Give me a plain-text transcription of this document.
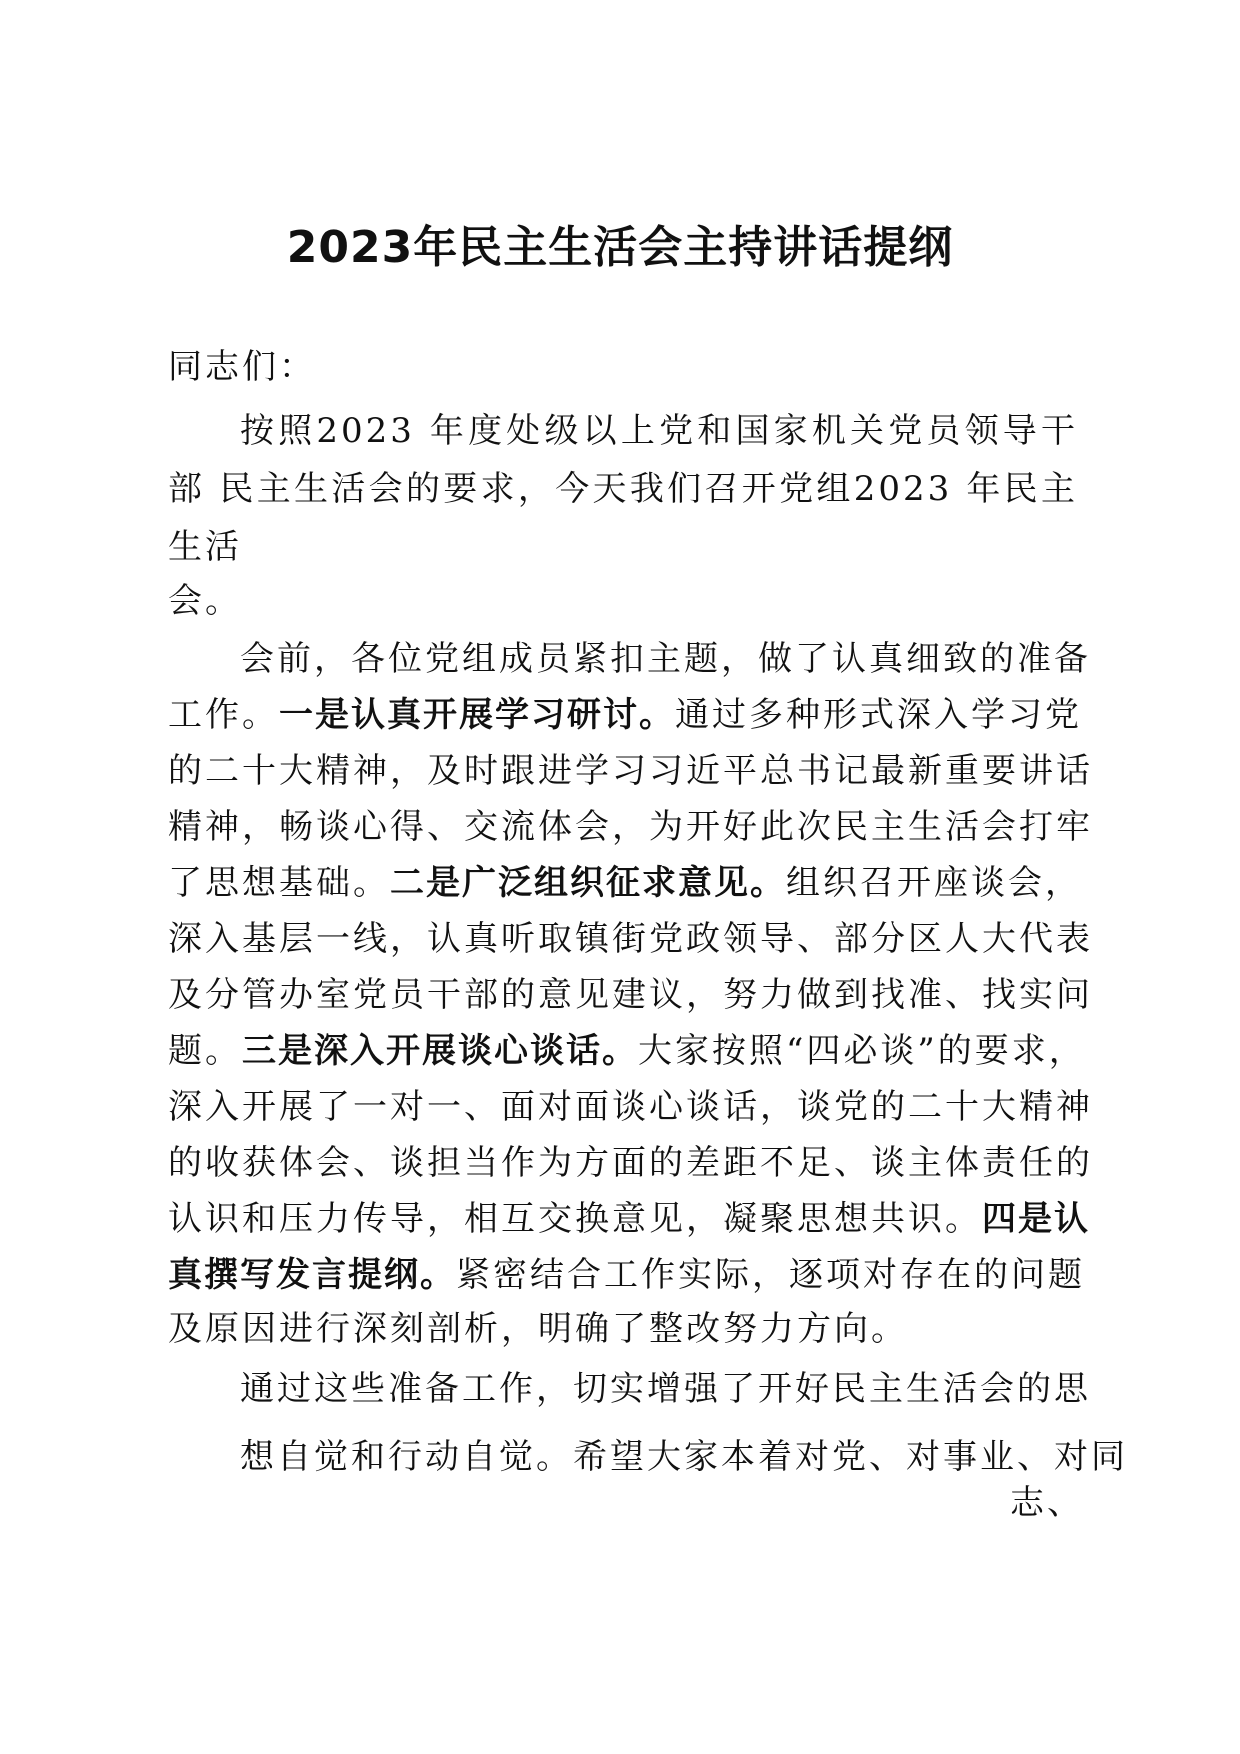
2023年民主生活会主持讲话提纲
同志们：
按照2023 年度处级以上党和国家机关党员领导干
部 民主生活会的要求，今天我们召开党组2023 年民主
生活
会。
会前，各位党组成员紧扣主题，做了认真细致的准备
工作。一是认真开展学习研讨。通过多种形式深入学习党
的二十大精神，及时跟进学习习近平总书记最新重要讲话
精神，畅谈心得、交流体会，为开好此次民主生活会打牢
了思想基础。二是广泛组织征求意见。组织召开座谈会，
深入基层一线，认真听取镇街党政领导、部分区人大代表
及分管办室党员干部的意见建议，努力做到找准、找实问
题。三是深入开展谈心谈话。大家按照“四必谈”的要求，
深入开展了一对一、面对面谈心谈话，谈党的二十大精神
的收获体会、谈担当作为方面的差距不足、谈主体责任的
认识和压力传导，相互交换意见，凝聚思想共识。四是认
真撰写发言提纲。紧密结合工作实际，逐项对存在的问题
及原因进行深刻剖析，明确了整改努力方向。
通过这些准备工作，切实增强了开好民主生活会的思
想自觉和行动自觉。希望大家本着对党、对事业、对同
志、
